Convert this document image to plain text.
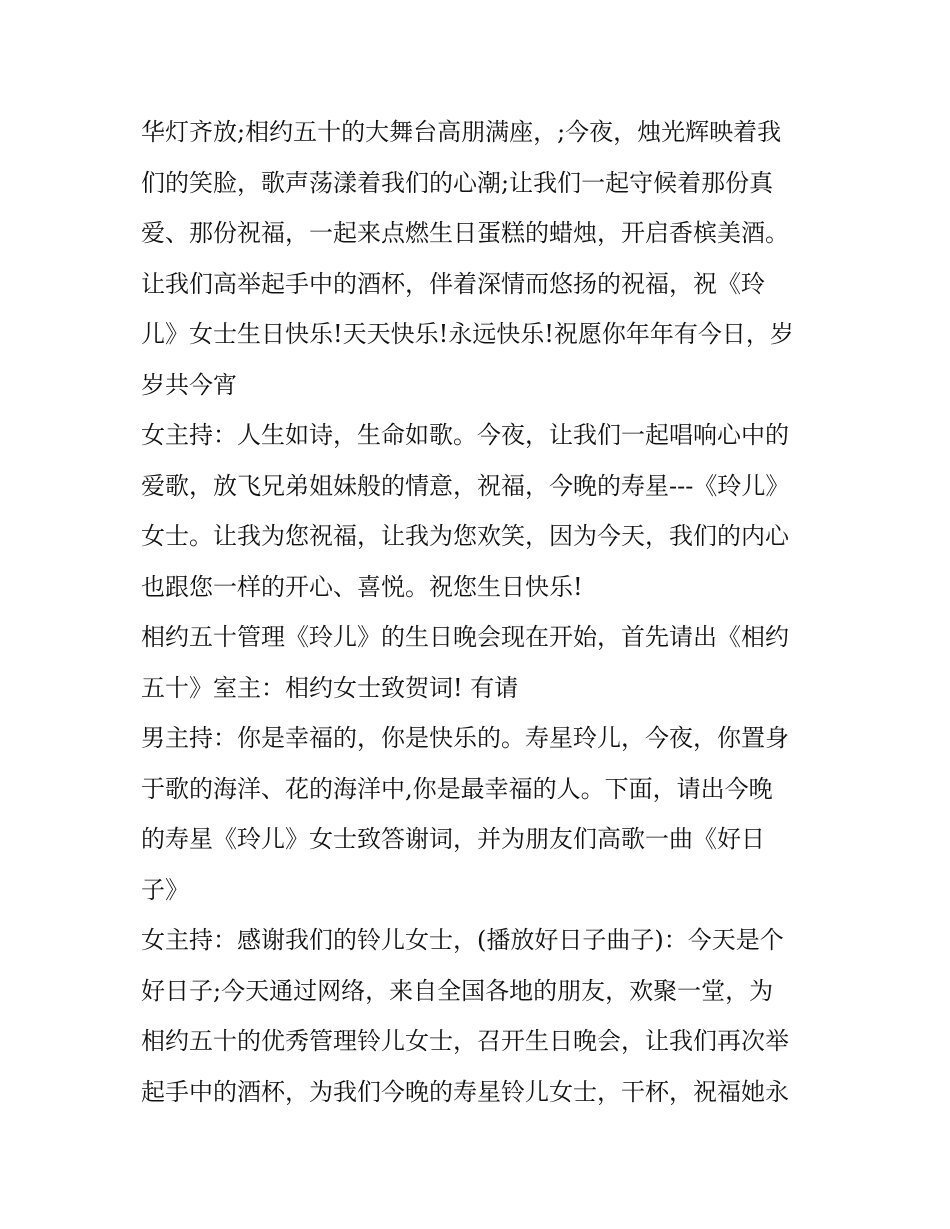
华灯齐放;相约五十的大舞台高朋满座，;今夜，烛光辉映着我
们的笑脸，歌声荡漾着我们的心潮;让我们一起守候着那份真
爱、那份祝福，一起来点燃生日蛋糕的蜡烛，开启香槟美酒。
让我们高举起手中的酒杯，伴着深情而悠扬的祝福，祝《玲
儿》女士生日快乐!天天快乐!永远快乐!祝愿你年年有今日，岁
岁共今宵
女主持：人生如诗，生命如歌。今夜，让我们一起唱响心中的
爱歌，放飞兄弟姐妹般的情意，祝福，今晚的寿星---《玲儿》
女士。让我为您祝福，让我为您欢笑，因为今天，我们的内心
也跟您一样的开心、喜悦。祝您生日快乐!
相约五十管理《玲儿》的生日晚会现在开始，首先请出《相约
五十》室主：相约女士致贺词! 有请
男主持：你是幸福的，你是快乐的。寿星玲儿，今夜，你置身
于歌的海洋、花的海洋中,你是最幸福的人。下面，请出今晚
的寿星《玲儿》女士致答谢词，并为朋友们高歌一曲《好日
子》
女主持：感谢我们的铃儿女士，(播放好日子曲子)：今天是个
好日子;今天通过网络，来自全国各地的朋友，欢聚一堂，为
相约五十的优秀管理铃儿女士，召开生日晚会，让我们再次举
起手中的酒杯，为我们今晚的寿星铃儿女士，干杯，祝福她永
